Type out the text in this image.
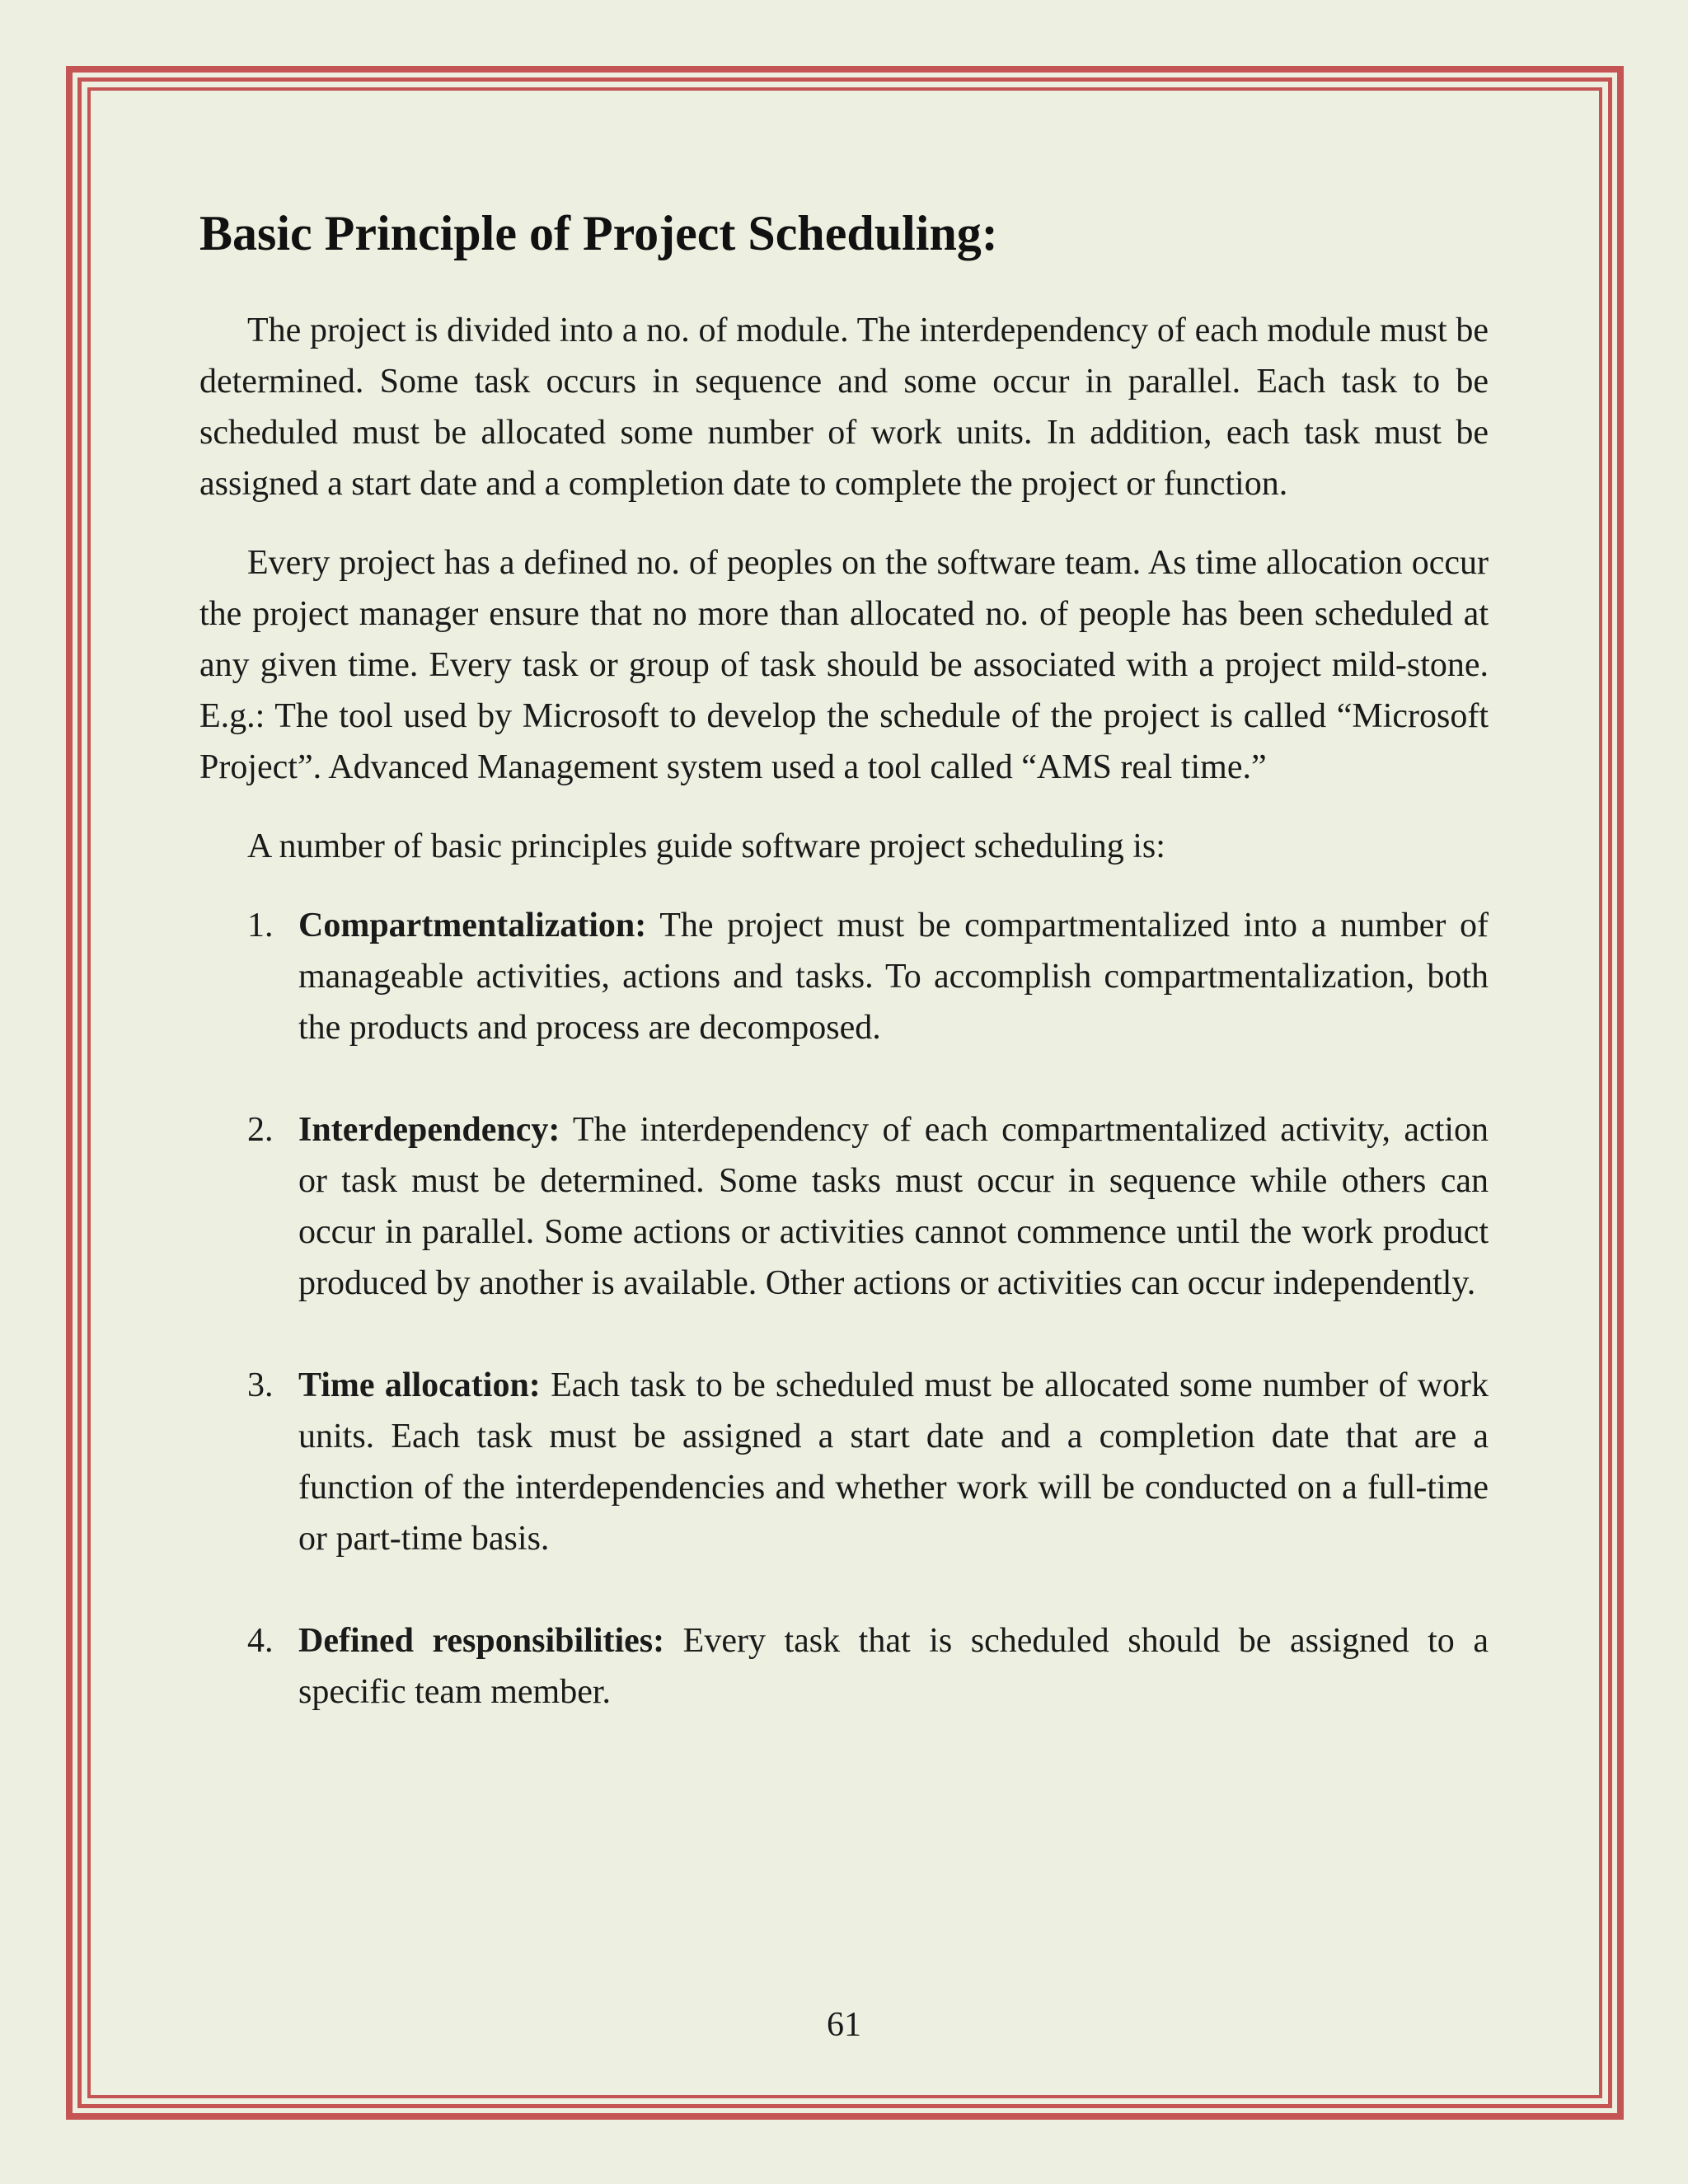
Basic Principle of Project Scheduling:

The project is divided into a no. of module. The interdependency of each module must be determined. Some task occurs in sequence and some occur in parallel. Each task to be scheduled must be allocated some number of work units. In addition, each task must be assigned a start date and a completion date to complete the project or function.

Every project has a defined no. of peoples on the software team. As time allocation occur the project manager ensure that no more than allocated no. of people has been scheduled at any given time. Every task or group of task should be associated with a project mild-stone. E.g.: The tool used by Microsoft to develop the schedule of the project is called “Microsoft Project”. Advanced Management system used a tool called “AMS real time.”

A number of basic principles guide software project scheduling is:

1. Compartmentalization: The project must be compartmentalized into a number of manageable activities, actions and tasks. To accomplish compartmentalization, both the products and process are decomposed.
2. Interdependency: The interdependency of each compartmentalized activity, action or task must be determined. Some tasks must occur in sequence while others can occur in parallel. Some actions or activities cannot commence until the work product produced by another is available. Other actions or activities can occur independently.
3. Time allocation: Each task to be scheduled must be allocated some number of work units. Each task must be assigned a start date and a completion date that are a function of the interdependencies and whether work will be conducted on a full-time or part-time basis.
4. Defined responsibilities: Every task that is scheduled should be assigned to a specific team member.
61
